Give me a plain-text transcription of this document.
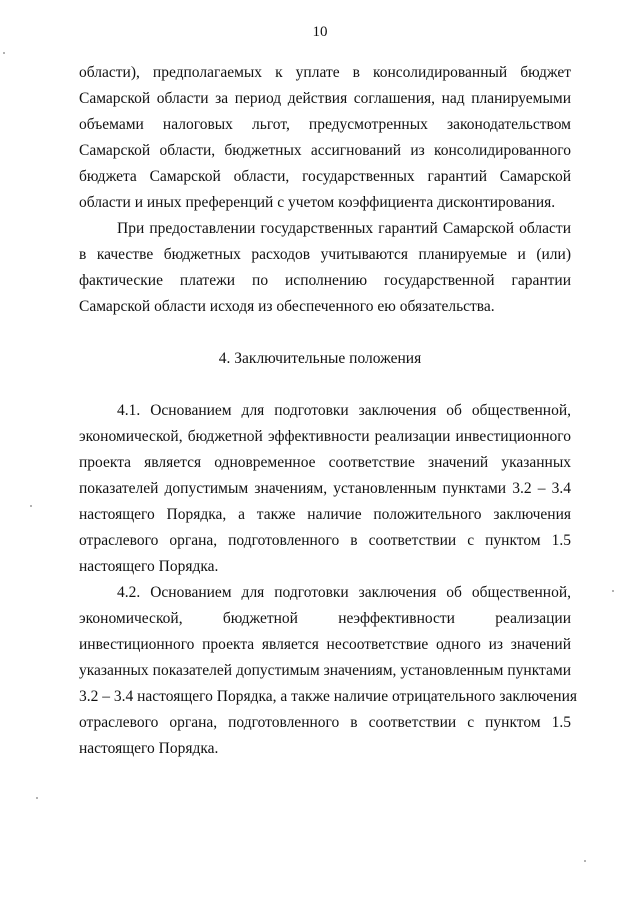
10
области), предполагаемых к уплате в консолидированный бюджет
Самарской области за период действия соглашения, над планируемыми
объемами налоговых льгот, предусмотренных законодательством
Самарской области, бюджетных ассигнований из консолидированного
бюджета Самарской области, государственных гарантий Самарской
области и иных преференций с учетом коэффициента дисконтирования.
При предоставлении государственных гарантий Самарской области
в качестве бюджетных расходов учитываются планируемые и (или)
фактические платежи по исполнению государственной гарантии
Самарской области исходя из обеспеченного ею обязательства.
4. Заключительные положения
4.1. Основанием для подготовки заключения об общественной,
экономической, бюджетной эффективности реализации инвестиционного
проекта является одновременное соответствие значений указанных
показателей допустимым значениям, установленным пунктами 3.2 – 3.4
настоящего Порядка, а также наличие положительного заключения
отраслевого органа, подготовленного в соответствии с пунктом 1.5
настоящего Порядка.
4.2. Основанием для подготовки заключения об общественной,
экономической, бюджетной неэффективности реализации
инвестиционного проекта является несоответствие одного из значений
указанных показателей допустимым значениям, установленным пунктами
3.2 – 3.4 настоящего Порядка, а также наличие отрицательного заключения
отраслевого органа, подготовленного в соответствии с пунктом 1.5
настоящего Порядка.
